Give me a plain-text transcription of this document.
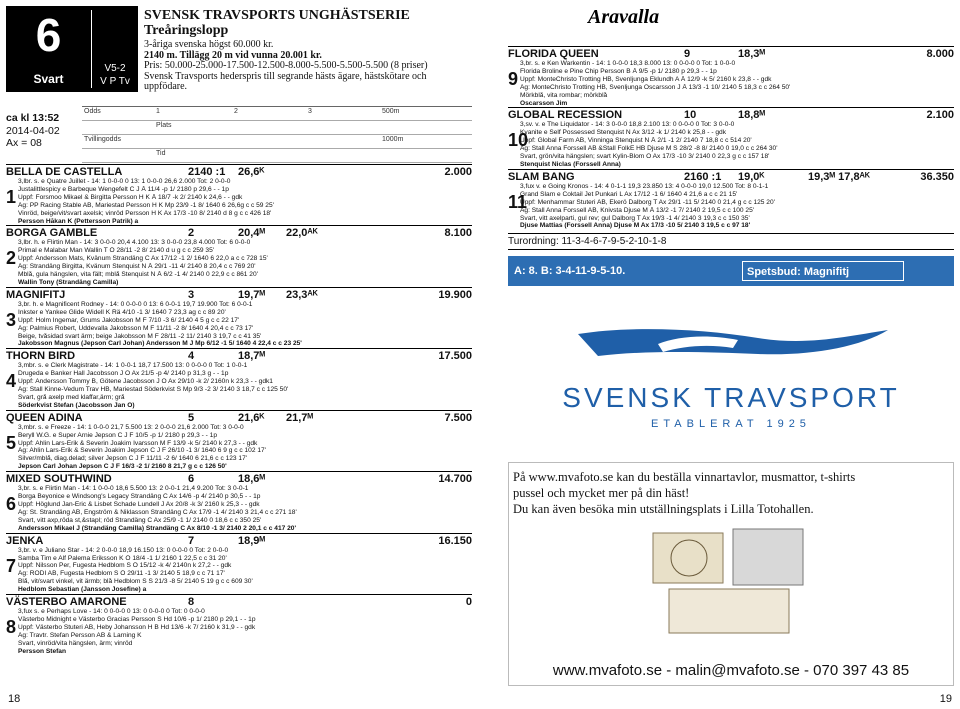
6
Svart
V5-2
V P Tv
SVENSK TRAVSPORTS UNGHÄSTSERIE
Treåringslopp
3-åriga svenska högst 60.000 kr.
2140 m. Tillägg 20 m vid vunna 20.001 kr.
Pris: 50.000-25.000-17.500-12.500-8.000-5.500-5.500-5.500 (8 priser)
Svensk Travsports hederspris till segrande hästs ägare, hästskötare och uppfödare.
ca kl 13:52
2014-04-02
Ax = 08
Odds	1	2	3	500m
Plats
Tvillingodds	1000m
Tid
BELLA DE CASTELLA	2140 :1 26,6ᴷ	2.000
1
3,lbr. s. e Quatre Juillet - 14: 1 0-0-0 0 13: 1 0-0-0 26,6 2.000 Tot: 2 0-0-0
Justalittlespicy e Barbeque Wengefelt C J Å 11/4 -p 1/ 2180 p 29,6 - - 1p
Uppf: Forsmoo Mikael & Birgitta Persson H K Å 18/7 -k 2/ 2140 k 24,6 - - gdk
Äg: PP Racing Stable AB, Mariestad Persson H K Mp 23/9 -1 8/ 1640 6 26,6g c c 59 25'
Vinröd, beige/vit/svart axelsk; vinröd Persson H K Ax 17/3 -10 8/ 2140 d 8 g c c 426 18'
Persson Håkan K (Pettersson Patrik) a
BORGA GAMBLE	2	20,4ᴹ 22,0ᴬᴷ	8.100
2
3,lbr. h. e Flirtin Man - 14: 3 0-0-0 20,4 4.100 13: 3 0-0-0 23,8 4.000 Tot: 6 0-0-0
Primal e Malabar Man Wallin T Ö 28/11 -2 8/ 2140 d u g c c 259 35'
Uppf: Andersson Mats, Kvänum Strandäng C Ax 17/12 -1 2/ 1640 6 22,0 a c c 728 15'
Äg: Strandäng Birgitta, Kvänum Stenquist N Å 29/1 -11 4/ 2140 8 20,4 c c 769 20'
Mblå, gula hängslen, vita fält; mblå Stenquist N Å 6/2 -1 4/ 2140 0 22,9 c c 861 20'
Wallin Tony (Strandäng Camilla)
MAGNIFITJ	3	19,7ᴹ 23,3ᴬᴷ	19.900
3
3,br. h. e Magnificent Rodney - 14: 0 0-0-0 0 13: 6 0-0-1 19,7 19.900 Tot: 6 0-0-1
Inkster e Yankee Glide Widell K Rä 4/10 -1 3/ 1640 7 23,3 ag c c 89 20'
Uppf: Holm Ingemar, Grums Jakobsson M F 7/10 -3 6/ 2140 4 5 g c c 22 17'
Äg: Palmius Robert, Uddevalla Jakobsson M F 11/11 -2 8/ 1640 4 20,4 c c 73 17'
Beige, tvåsidad svart ärm; beige Jakobsson M F 28/11 -2 11/ 2140 3 19,7 c c 41 35'
Jakobsson Magnus (Jepson Carl Johan) Andersson M J Mp 6/12 -1 5/ 1640 4 22,4 c c 23 25'
THORN BIRD	4	18,7ᴹ	17.500
4
3,mbr. s. e Clerk Magistrate - 14: 1 0-0-1 18,7 17.500 13: 0 0-0-0 0 Tot: 1 0-0-1
Drugeda e Banker Hall Jacobsson J O Ax 21/5 -p 4/ 2140 p 31,3 g - - 1p
Uppf: Andersson Tommy B, Götene Jacobsson J O Ax 29/10 -k 2/ 2160n k 23,3 - - gdk1
Äg: Stall Kinne-Vedum Trav HB, Mariestad Söderkvist S Mp 9/3 -2 3/ 2140 3 18,7 c c 125 50'
Svart, grå axelp med klaffar,ärm; grå
Söderkvist Stefan (Jacobsson Jan O)
QUEEN ADINA	5	21,6ᴷ 21,7ᴹ	7.500
5
3,mbr. s. e Freeze - 14: 1 0-0-0 21,7 5.500 13: 2 0-0-0 21,6 2.000 Tot: 3 0-0-0
Beryll W.G. e Super Arnie Jepson C J F 10/5 -p 1/ 2180 p 29,3 - - 1p
Uppf: Ahlin Lars-Erik & Severin Joakim Ivarsson M F 13/9 -k 5/ 2140 k 27,3 - - gdk
Äg: Ahlin Lars-Erik & Severin Joakim Jepson C J F 26/10 -1 3/ 1640 6 9 g c c 102 17'
Silver/mblå, diag.delad; silver Jepson C J F 11/11 -2 6/ 1640 6 21,6 c c 123 17'
Jepson Carl Johan Jepson C J F 16/3 -2 1/ 2160 8 21,7 g c c 126 50'
MIXED SOUTHWIND	6	18,6ᴹ	14.700
6
3,br. s. e Flirtin Man - 14: 1 0-0-0 18,6 5.500 13: 2 0-0-1 21,4 9.200 Tot: 3 0-0-1
Borga Beyonice e Windsong's Legacy Strandäng C Ax 14/6 -p 4/ 2140 p 30,5 - - 1p
Uppf: Höglund Jan-Eric & Lisbet Schade Lundell J Ax 20/8 -k 3/ 2160 k 25,3 - - gdk
Äg: St. Strandäng AB, Engström & Niklasson Strandäng C Ax 17/9 -1 4/ 2140 3 21,4 c c 271 18'
Svart, vitt axp,röda st,&stapl; röd Strandäng C Ax 25/9 -1 1/ 2140 0 18,6 c c 350 25'
Andersson Mikael J (Strandäng Camilla) Strandäng C Ax 8/10 -1 3/ 2140 2 20,1 c c 417 20'
JENKA	7	18,9ᴹ	16.150
7
3,br. v. e Juliano Star - 14: 2 0-0-0 18,9 16.150 13: 0 0-0-0 0 Tot: 2 0-0-0
Samba Tim e Alf Palema Eriksson K Ö 18/4 -1 1/ 2160 1 22,5 c c 31 20'
Uppf: Nilsson Per, Fugesta Hedblom S Ö 15/12 -k 4/ 2140n k 27,2 - - gdk
Äg: RODI AB, Fugesta Hedblom S Ö 29/11 -1 3/ 2140 5 18,9 c c 71 17'
Blå, vit/svart vinkel, vit ärmb; blå Hedblom S S 21/3 -8 5/ 2140 5 19 g c c 609 30'
Hedblom Sebastian (Jansson Josefine) a
VÄSTERBO AMARONE	8	0
8
3,fux s. e Perhaps Love - 14: 0 0-0-0 0 13: 0 0-0-0 0 Tot: 0 0-0-0
Västerbo Midnight e Västerbo Gracias Persson S Hd 10/6 -p 1/ 2180 p 29,1 - - 1p
Uppf: Västerbo Stuteri AB, Heby Johansson H B Hd 13/6 -k 7/ 2160 k 31,9 - - gdk
Äg: Travtr. Stefan Persson AB & Larning K
Svart, vinröd/vita hängslen, ärm; vinröd
Persson Stefan
18
Aravalla
FLORIDA QUEEN	9	18,3ᴹ	8.000
9
3,br. s. e Ken Warkentin - 14: 1 0-0-0 18,3 8.000 13: 0 0-0-0 0 Tot: 1 0-0-0
Florida Broline e Pine Chip Persson B Å 9/5 -p 1/ 2180 p 29,3 - - 1p
Uppf: MonteChristo Trotting HB, Svenljunga Eklundh A Å 12/9 -k 5/ 2160 k 23,8 - - gdk
Äg: MonteChristo Trotting HB, Svenljunga Oscarsson J Å 13/3 -1 10/ 2140 5 18,3 c c 264 50'
Mörkblå, vita rombar; mörkblå
Oscarsson Jim
GLOBAL RECESSION	10	18,8ᴹ	2.100
10
3,sv. v. e The Liquidator - 14: 3 0-0-0 18,8 2.100 13: 0 0-0-0 0 Tot: 3 0-0-0
Kyanite e Self Possessed Stenquist N Ax 3/12 -k 1/ 2140 k 25,8 - - gdk
Uppf: Global Farm AB, Vinninga Stenquist N Å 2/1 -1 2/ 2140 7 18,8 c c 514 20'
Äg: Stall Anna Forssell AB &Stall FolkE HB Djuse M S 28/2 -8 8/ 2140 0 19,0 c c 264 30'
Svart, grön/vita hängslen; svart Kylin-Blom O Ax 17/3 -10 3/ 2140 0 22,3 g c c 157 18'
Stenquist Niclas (Forssell Anna)
SLAM BANG	2160 :1 19,0ᴷ	19,3ᴹ 17,8ᴬᴷ	36.350
11
3,fux v. e Going Kronos - 14: 4 0-1-1 19,3 23.850 13: 4 0-0-0 19,0 12.500 Tot: 8 0-1-1
Grand Slam e Coktail Jet Punkari L Ax 17/12 -1 6/ 1640 4 21,6 a c c 21 15'
Uppf: Menhammar Stuteri AB, Ekerö Dalborg T Ax 29/1 -11 5/ 2140 0 21,4 g c c 125 20'
Äg: Stall Anna Forssell AB, Knivsta Djuse M Å 13/2 -1 7/ 2140 2 19,5 c c 100 25'
Svart, vitt axelparti, gul rev; gul Dalborg T Ax 19/3 -1 4/ 2140 3 19,3 c c 150 35'
Djuse Mattias (Forssell Anna) Djuse M Ax 17/3 -10 5/ 2140 3 19,5 c c 97 18'
Turordning: 11-3-4-6-7-9-5-2-10-1-8
A: 8. B: 3-4-11-9-5-10.	Spetsbud: Magnifitj
SVENSK TRAVSPORT
ETABLERAT 1925
På www.mvafoto.se kan du beställa vinnartavlor, musmattor, t-shirts
pussel och mycket mer på din häst!
Du kan även besöka min utställningsplats i Lilla Totohallen.
www.mvafoto.se - malin@mvafoto.se - 070 397 43 85
19
